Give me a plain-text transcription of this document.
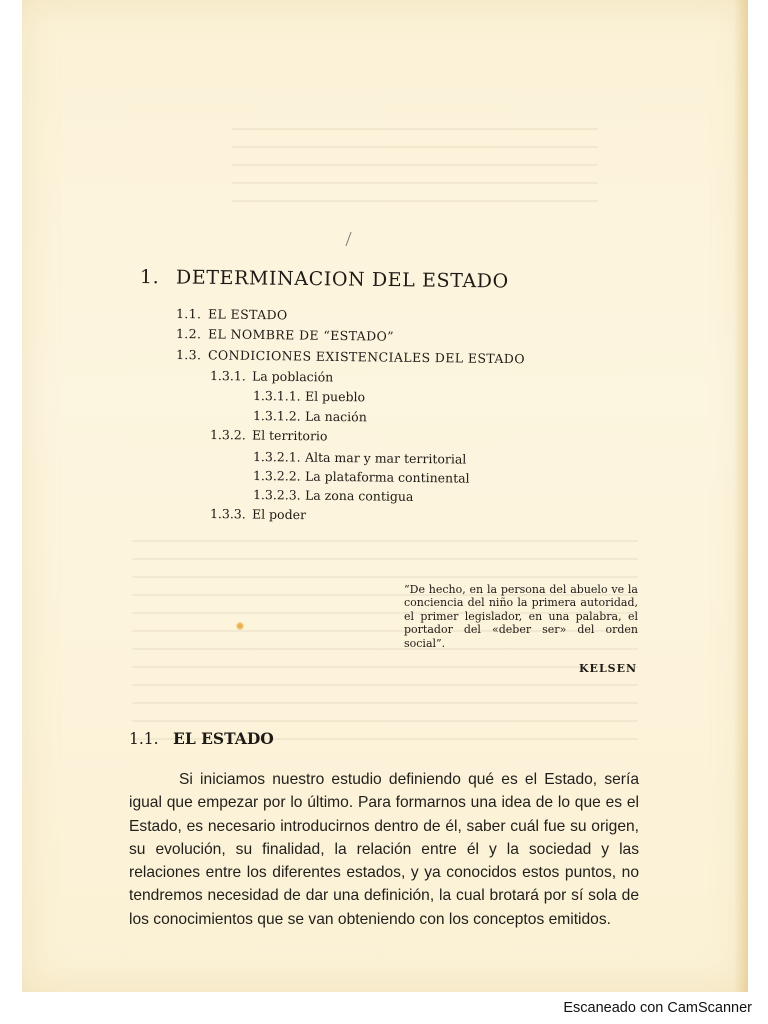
1. DETERMINACION DEL ESTADO
1.1. EL ESTADO
1.2. EL NOMBRE DE “ESTADO”
1.3. CONDICIONES EXISTENCIALES DEL ESTADO
1.3.1. La población
1.3.1.1. El pueblo
1.3.1.2. La nación
1.3.2. El territorio
1.3.2.1. Alta mar y mar territorial
1.3.2.2. La plataforma continental
1.3.2.3. La zona contigua
1.3.3. El poder
“De hecho, en la persona del abuelo ve la conciencia del niño la primera autoridad, el primer legislador, en una palabra, el portador del «deber ser» del orden social”.
KELSEN
1.1. EL ESTADO

Si iniciamos nuestro estudio definiendo qué es el Estado, sería igual que empezar por lo último. Para formarnos una idea de lo que es el Estado, es necesario introducirnos dentro de él, saber cuál fue su origen, su evolución, su finalidad, la relación entre él y la sociedad y las relaciones entre los diferentes estados, y ya conocidos estos puntos, no tendremos necesidad de dar una definición, la cual brotará por sí sola de los conocimientos que se van obteniendo con los conceptos emitidos.

Escaneado con CamScanner
